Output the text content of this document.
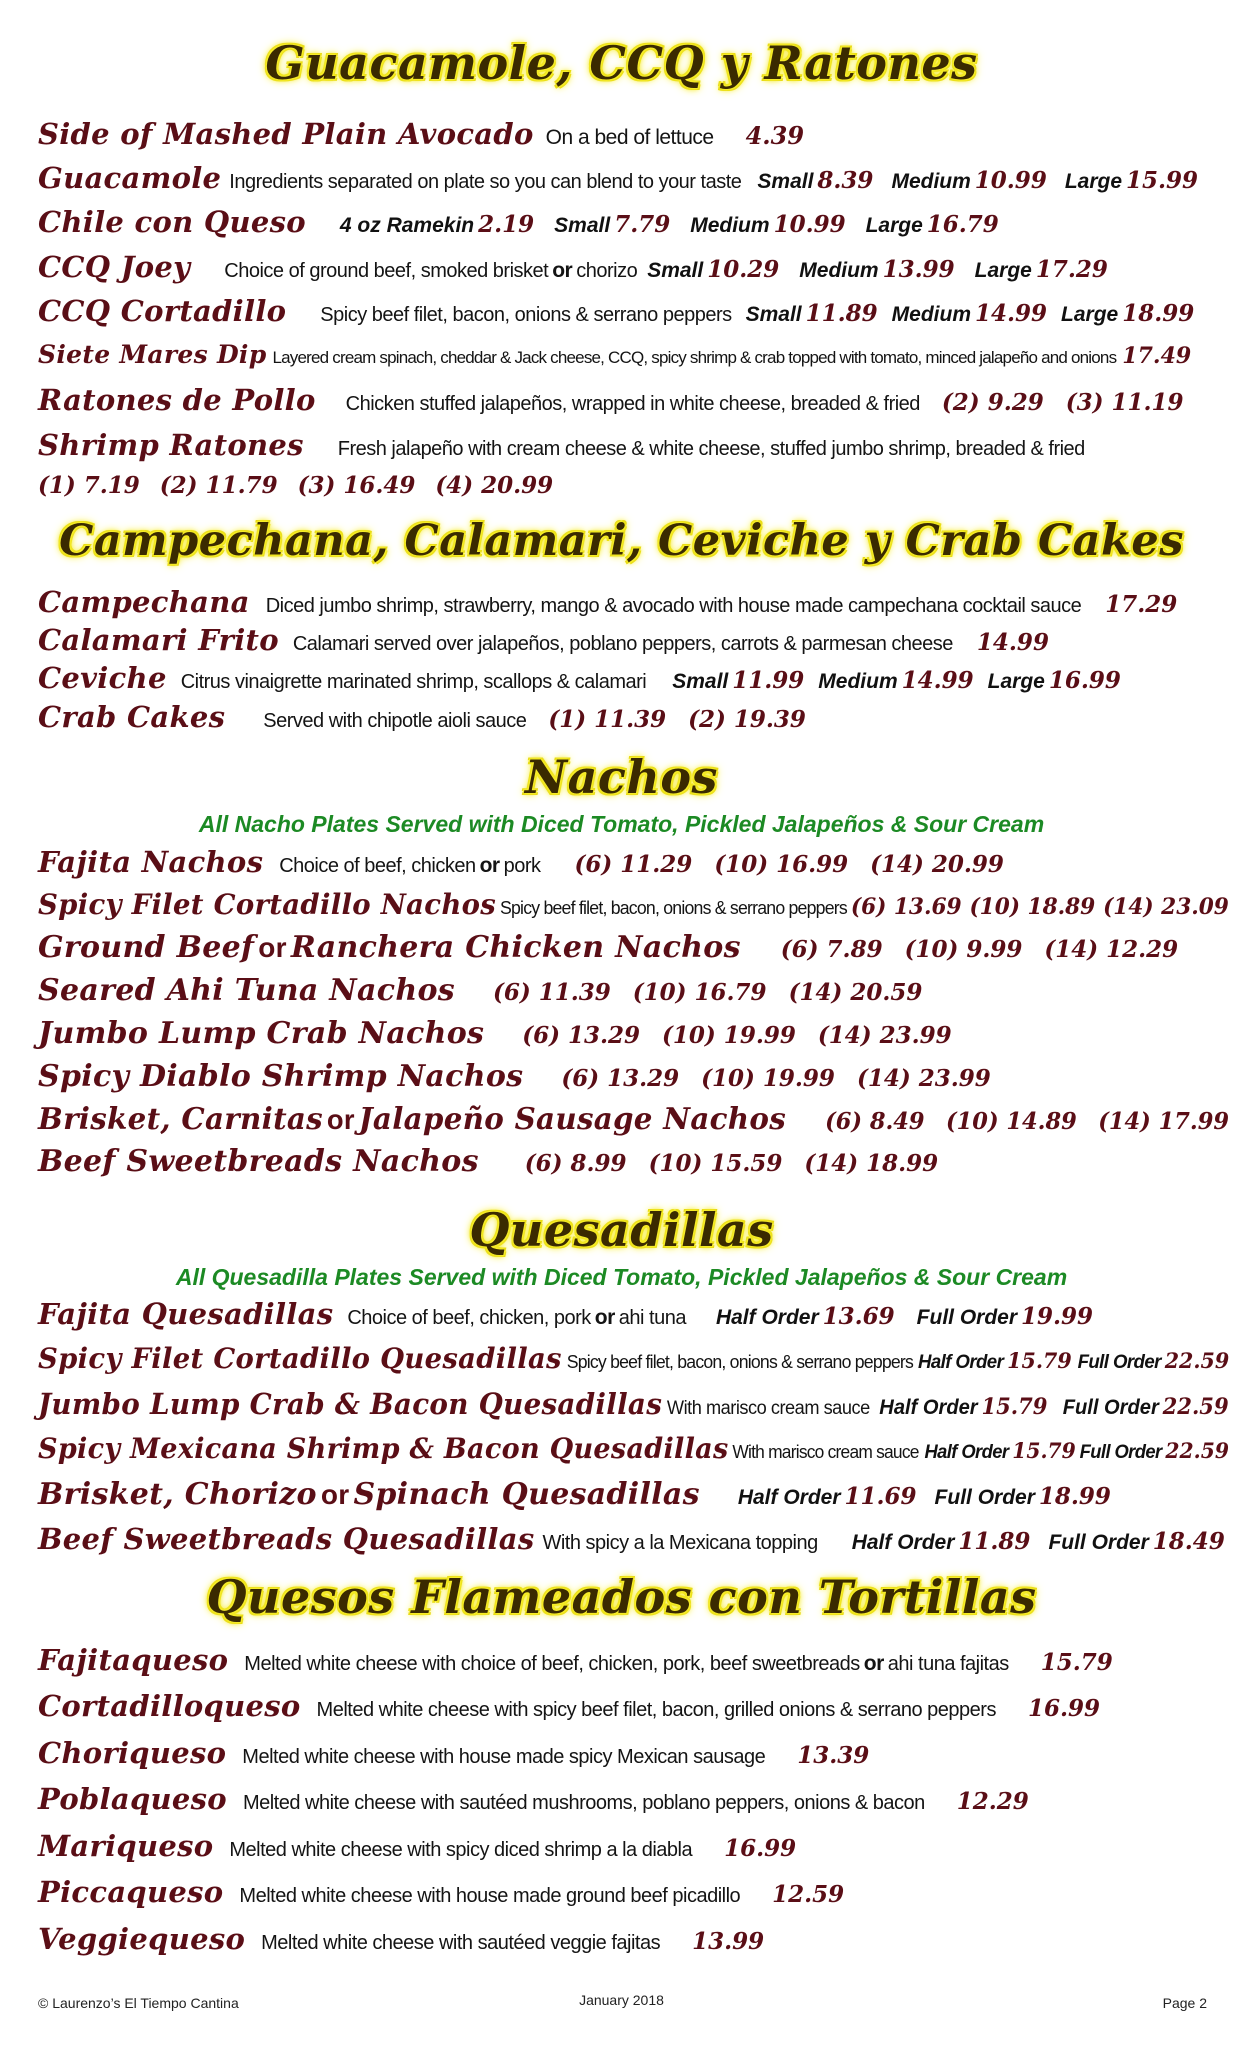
Guacamole, CCQ y Ratones
Side of Mashed Plain Avocado On a bed of lettuce 4.39
Guacamole Ingredients separated on plate so you can blend to your taste Small 8.39 Medium 10.99 Large 15.99
Chile con Queso 4 oz Ramekin 2.19 Small 7.79 Medium 10.99 Large 16.79
CCQ Joey Choice of ground beef, smoked brisket or chorizo Small 10.29 Medium 13.99 Large 17.29
CCQ Cortadillo Spicy beef filet, bacon, onions & serrano peppers Small 11.89 Medium 14.99 Large 18.99
Siete Mares Dip Layered cream spinach, cheddar & Jack cheese, CCQ, spicy shrimp & crab topped with tomato, minced jalapeño and onions 17.49
Ratones de Pollo Chicken stuffed jalapeños, wrapped in white cheese, breaded & fried (2) 9.29 (3) 11.19
Shrimp Ratones Fresh jalapeño with cream cheese & white cheese, stuffed jumbo shrimp, breaded & fried
(1) 7.19 (2) 11.79 (3) 16.49 (4) 20.99
Campechana, Calamari, Ceviche y Crab Cakes
Campechana Diced jumbo shrimp, strawberry, mango & avocado with house made campechana cocktail sauce 17.29
Calamari Frito Calamari served over jalapeños, poblano peppers, carrots & parmesan cheese 14.99
Ceviche Citrus vinaigrette marinated shrimp, scallops & calamari Small 11.99 Medium 14.99 Large 16.99
Crab Cakes Served with chipotle aioli sauce (1) 11.39 (2) 19.39
Nachos
All Nacho Plates Served with Diced Tomato, Pickled Jalapeños & Sour Cream
Fajita Nachos Choice of beef, chicken or pork (6) 11.29 (10) 16.99 (14) 20.99
Spicy Filet Cortadillo Nachos Spicy beef filet, bacon, onions & serrano peppers (6) 13.69 (10) 18.89 (14) 23.09
Ground Beef or Ranchera Chicken Nachos (6) 7.89 (10) 9.99 (14) 12.29
Seared Ahi Tuna Nachos (6) 11.39 (10) 16.79 (14) 20.59
Jumbo Lump Crab Nachos (6) 13.29 (10) 19.99 (14) 23.99
Spicy Diablo Shrimp Nachos (6) 13.29 (10) 19.99 (14) 23.99
Brisket, Carnitas or Jalapeño Sausage Nachos (6) 8.49 (10) 14.89 (14) 17.99
Beef Sweetbreads Nachos (6) 8.99 (10) 15.59 (14) 18.99
Quesadillas
All Quesadilla Plates Served with Diced Tomato, Pickled Jalapeños & Sour Cream
Fajita Quesadillas Choice of beef, chicken, pork or ahi tuna Half Order 13.69 Full Order 19.99
Spicy Filet Cortadillo Quesadillas Spicy beef filet, bacon, onions & serrano peppers Half Order 15.79 Full Order 22.59
Jumbo Lump Crab & Bacon Quesadillas With marisco cream sauce Half Order 15.79 Full Order 22.59
Spicy Mexicana Shrimp & Bacon Quesadillas With marisco cream sauce Half Order 15.79 Full Order 22.59
Brisket, Chorizo or Spinach Quesadillas Half Order 11.69 Full Order 18.99
Beef Sweetbreads Quesadillas With spicy a la Mexicana topping Half Order 11.89 Full Order 18.49
Quesos Flameados con Tortillas
Fajitaqueso Melted white cheese with choice of beef, chicken, pork, beef sweetbreads or ahi tuna fajitas 15.79
Cortadilloqueso Melted white cheese with spicy beef filet, bacon, grilled onions & serrano peppers 16.99
Choriqueso Melted white cheese with house made spicy Mexican sausage 13.39
Poblaqueso Melted white cheese with sautéed mushrooms, poblano peppers, onions & bacon 12.29
Mariqueso Melted white cheese with spicy diced shrimp a la diabla 16.99
Piccaqueso Melted white cheese with house made ground beef picadillo 12.59
Veggiequeso Melted white cheese with sautéed veggie fajitas 13.99
© Laurenzo’s El Tiempo Cantina	January 2018	Page 2
